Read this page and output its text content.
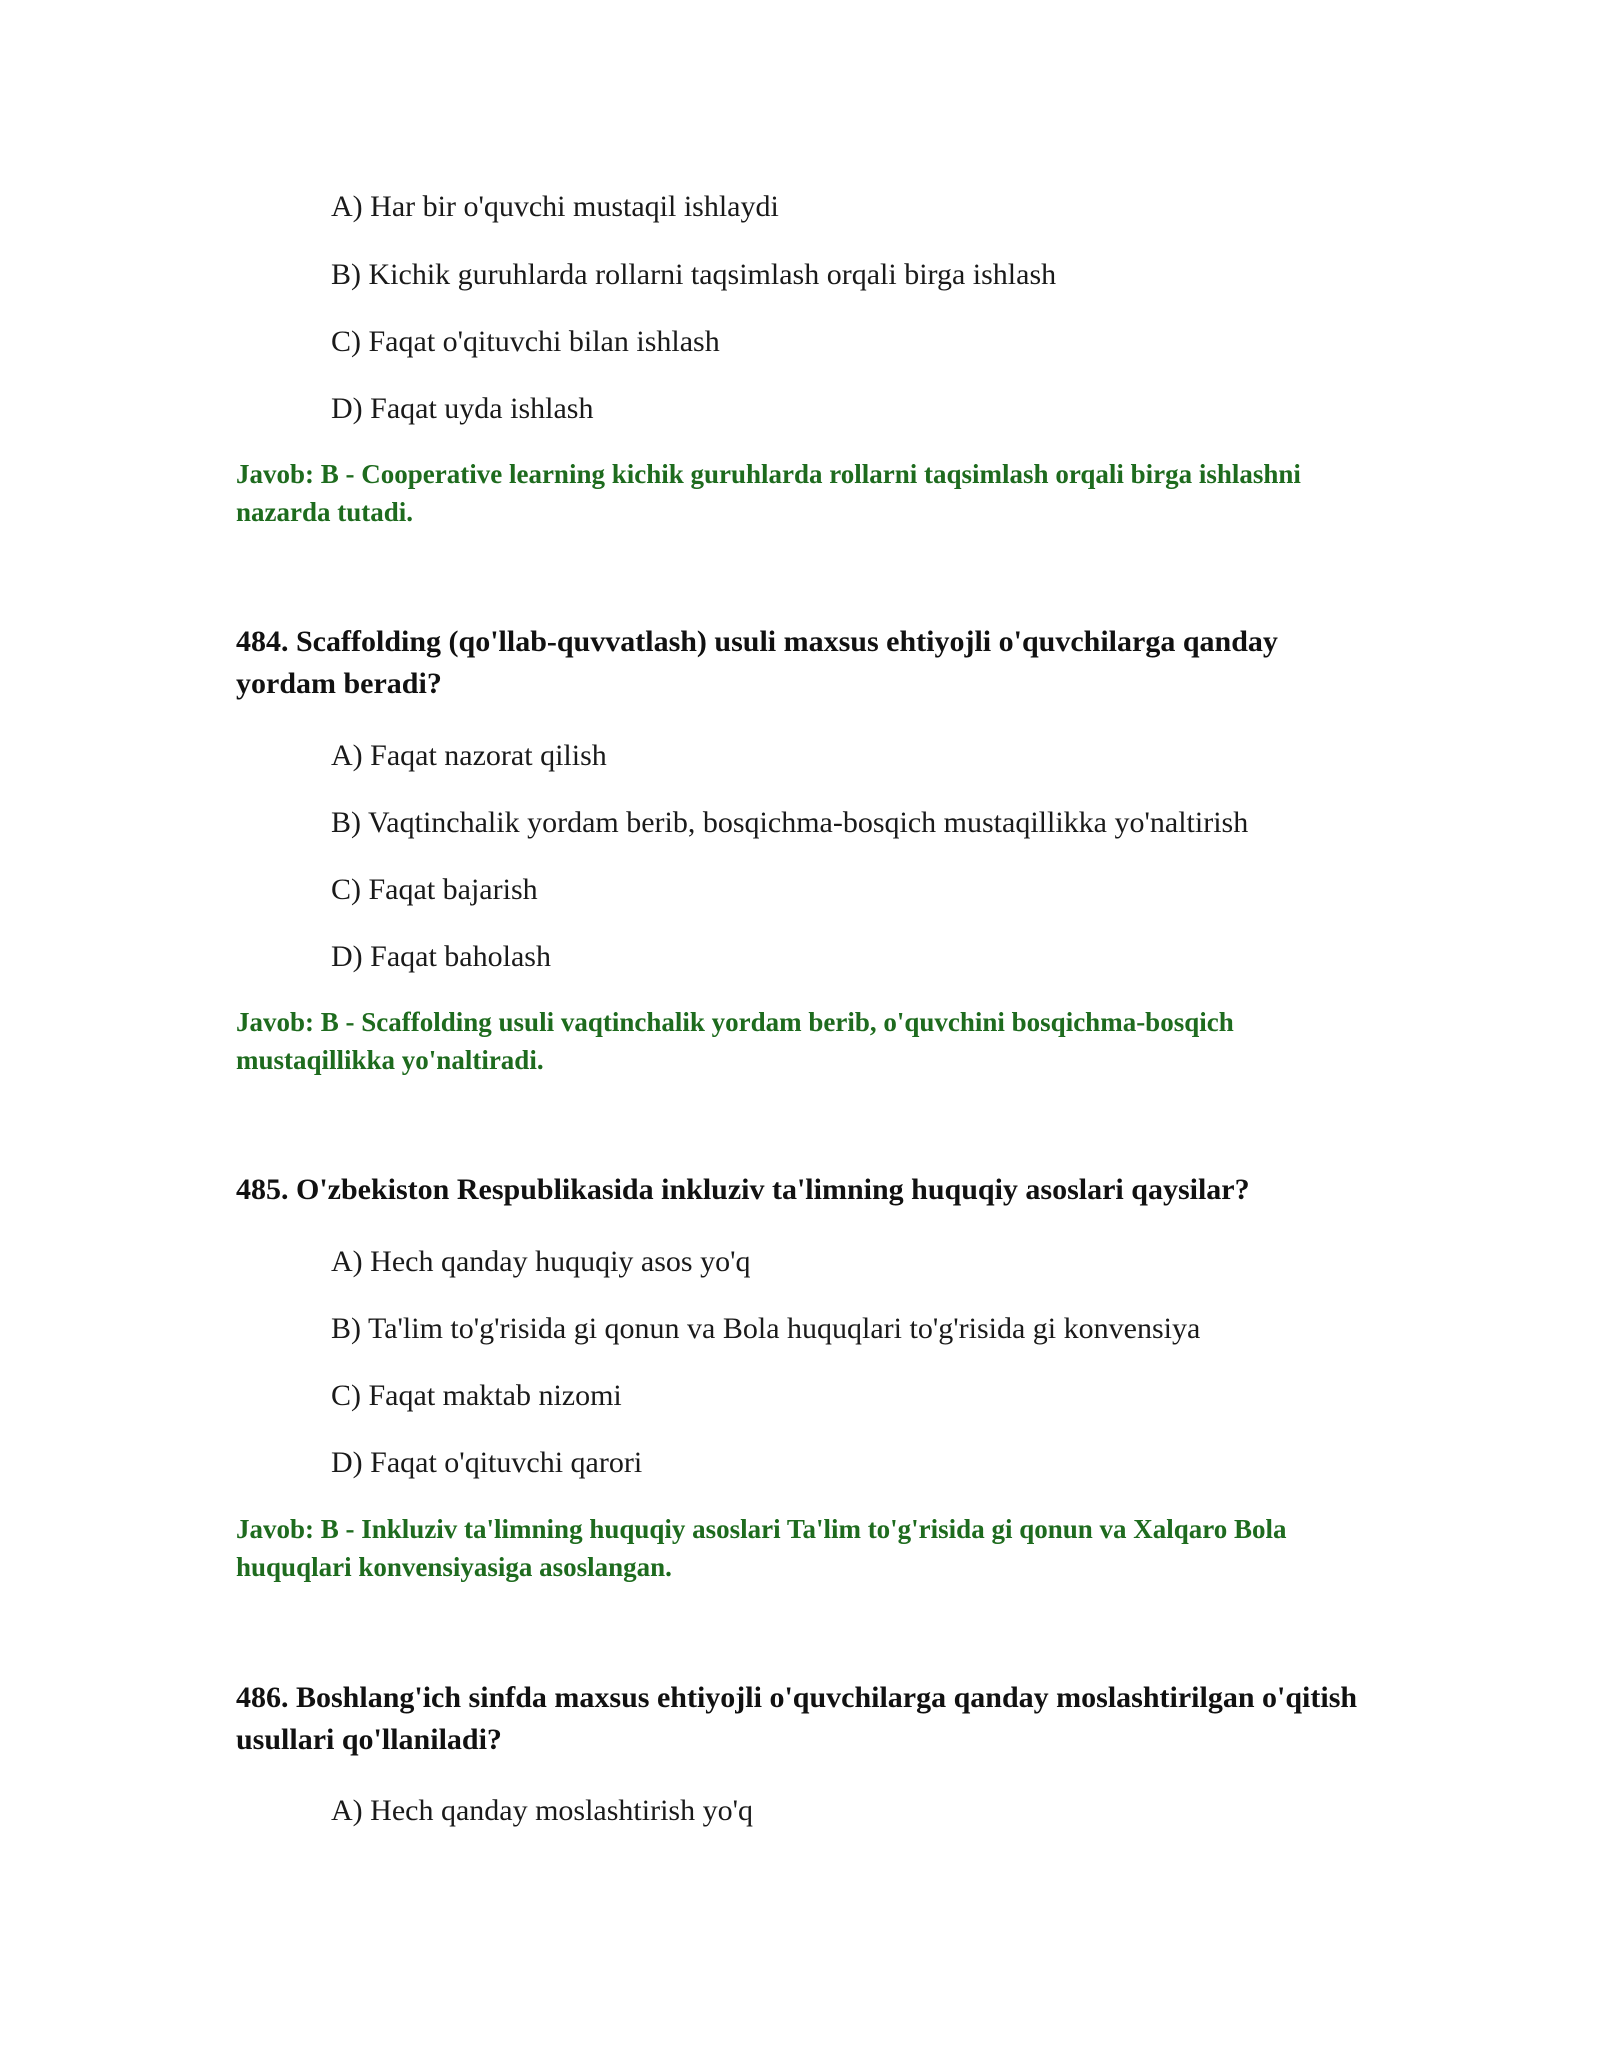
A) Har bir o'quvchi mustaqil ishlaydi
B) Kichik guruhlarda rollarni taqsimlash orqali birga ishlash
C) Faqat o'qituvchi bilan ishlash
D) Faqat uyda ishlash
Javob: B - Cooperative learning kichik guruhlarda rollarni taqsimlash orqali birga ishlashni nazarda tutadi.
484. Scaffolding (qo'llab-quvvatlash) usuli maxsus ehtiyojli o'quvchilarga qanday yordam beradi?
A) Faqat nazorat qilish
B) Vaqtinchalik yordam berib, bosqichma-bosqich mustaqillikka yo'naltirish
C) Faqat bajarish
D) Faqat baholash
Javob: B - Scaffolding usuli vaqtinchalik yordam berib, o'quvchini bosqichma-bosqich mustaqillikka yo'naltiradi.
485. O'zbekiston Respublikasida inkluziv ta'limning huquqiy asoslari qaysilar?
A) Hech qanday huquqiy asos yo'q
B) Ta'lim to'g'risida gi qonun va Bola huquqlari to'g'risida gi konvensiya
C) Faqat maktab nizomi
D) Faqat o'qituvchi qarori
Javob: B - Inkluziv ta'limning huquqiy asoslari Ta'lim to'g'risida gi qonun va Xalqaro Bola huquqlari konvensiyasiga asoslangan.
486. Boshlang'ich sinfda maxsus ehtiyojli o'quvchilarga qanday moslashtirilgan o'qitish usullari qo'llaniladi?
A) Hech qanday moslashtirish yo'q
